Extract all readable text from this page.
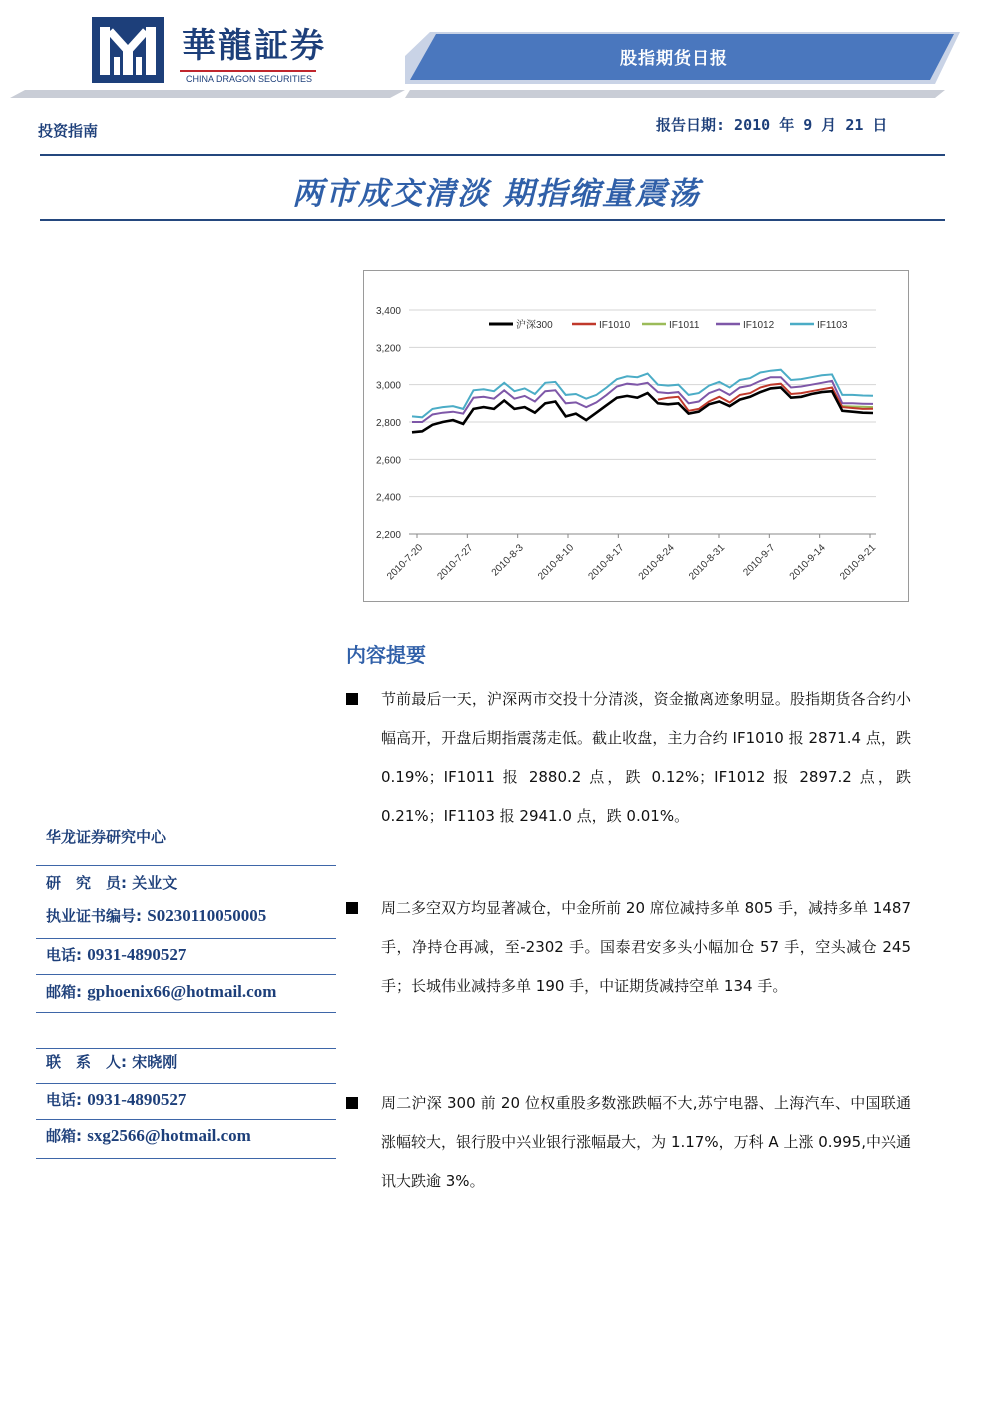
華龍証券
CHINA DRAGON SECURITIES
股指期货日报
投资指南	报告日期: 2010 年 9 月 21 日
两市成交清淡 期指缩量震荡
3,400
3,200
3,000
2,800
2,600
2,400
2,200
2010-7-20 2010-7-27 2010-8-3 2010-8-10 2010-8-17 2010-8-24 2010-8-31 2010-9-7 2010-9-14 2010-9-21
沪深300	IF1010	IF1011	IF1012	IF1103
内容提要
节前最后一天，沪深两市交投十分清淡，资金撤离迹象明显。股指期货各合约小幅高开，开盘后期指震荡走低。截止收盘，主力合约 IF1010 报 2871.4 点，跌 0.19%；IF1011 报 2880.2 点，跌 0.12%；IF1012 报 2897.2 点，跌 0.21%；IF1103 报 2941.0 点，跌 0.01%。
周二多空双方均显著减仓，中金所前 20 席位减持多单 805 手，减持多单 1487 手，净持仓再减，至-2302 手。国泰君安多头小幅加仓 57 手，空头减仓 245 手；长城伟业减持多单 190 手，中证期货减持空单 134 手。
周二沪深 300 前 20 位权重股多数涨跌幅不大,苏宁电器、上海汽车、中国联通涨幅较大，银行股中兴业银行涨幅最大，为 1.17%，万科 A 上涨 0.995,中兴通讯大跌逾 3%。
华龙证券研究中心
研　究　员: 关业文
执业证书编号: S0230110050005
电话: 0931-4890527
邮箱: gphoenix66@hotmail.com
联　系　人: 宋晓刚
电话: 0931-4890527
邮箱: sxg2566@hotmail.com
